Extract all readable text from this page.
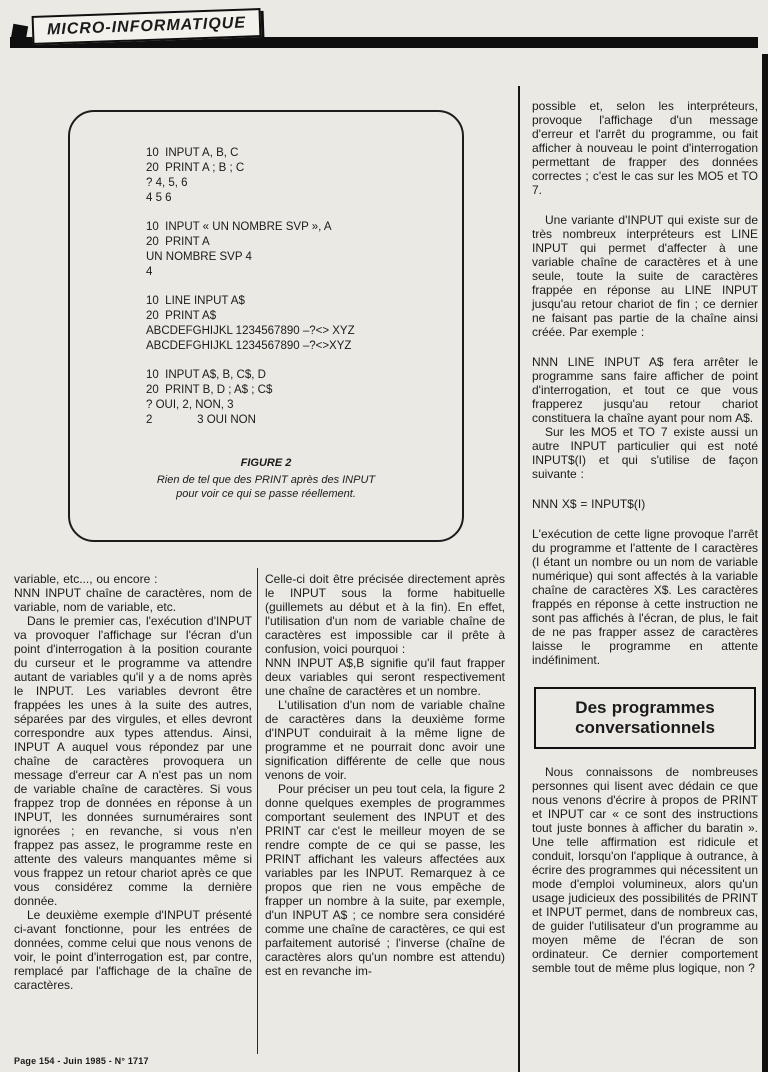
MICRO-INFORMATIQUE
10  INPUT A, B, C
20  PRINT A ; B ; C
? 4, 5, 6
4 5 6
10  INPUT « UN NOMBRE SVP », A
20  PRINT A
UN NOMBRE SVP 4
4
10  LINE INPUT A$
20  PRINT A$
ABCDEFGHIJKL 1234567890 –?<> XYZ
ABCDEFGHIJKL 1234567890 –?<>XYZ
10  INPUT A$, B, C$, D
20  PRINT B, D ; A$ ; C$
? OUI, 2, NON, 3
2              3 OUI NON
FIGURE 2
Rien de tel que des PRINT après des INPUT
pour voir ce qui se passe réellement.

variable, etc..., ou encore :

NNN INPUT chaîne de caractères, nom de variable, nom de variable, etc.

Dans le premier cas, l'exécution d'INPUT va provoquer l'affichage sur l'écran d'un point d'interrogation à la position courante du curseur et le programme va attendre autant de variables qu'il y a de noms après le INPUT. Les variables devront être frappées les unes à la suite des autres, séparées par des virgules, et elles devront correspondre aux types attendus. Ainsi, INPUT A auquel vous répondez par une chaîne de caractères provoquera un message d'erreur car A n'est pas un nom de variable chaîne de caractères. Si vous frappez trop de données en réponse à un INPUT, les données surnuméraires sont ignorées ; en revanche, si vous n'en frappez pas assez, le programme reste en attente des valeurs manquantes même si vous frappez un retour chariot après ce que vous considérez comme la dernière donnée.

Le deuxième exemple d'INPUT présenté ci-avant fonctionne, pour les entrées de données, comme celui que nous venons de voir, le point d'interrogation est, par contre, remplacé par l'affichage de la chaîne de caractères.

Celle-ci doit être précisée directement après le INPUT sous la forme habituelle (guillemets au début et à la fin). En effet, l'utilisation d'un nom de variable chaîne de caractères est impossible car il prête à confusion, voici pourquoi :

NNN INPUT A$,B signifie qu'il faut frapper deux variables qui seront respectivement une chaîne de caractères et un nombre.

L'utilisation d'un nom de variable chaîne de caractères dans la deuxième forme d'INPUT conduirait à la même ligne de programme et ne pourrait donc avoir une signification différente de celle que nous venons de voir.

Pour préciser un peu tout cela, la figure 2 donne quelques exemples de programmes comportant seulement des INPUT et des PRINT car c'est le meilleur moyen de se rendre compte de ce qui se passe, les PRINT affichant les valeurs affectées aux variables par les INPUT. Remarquez à ce propos que rien ne vous empêche de frapper un nombre à la suite, par exemple, d'un INPUT A$ ; ce nombre sera considéré comme une chaîne de caractères, ce qui est parfaitement autorisé ; l'inverse (chaîne de caractères alors qu'un nombre est attendu) est en revanche im-

possible et, selon les interpréteurs, provoque l'affichage d'un message d'erreur et l'arrêt du programme, ou fait afficher à nouveau le point d'interrogation permettant de frapper des données correctes ; c'est le cas sur les MO5 et TO 7.

Une variante d'INPUT qui existe sur de très nombreux interpréteurs est LINE INPUT qui permet d'affecter à une variable chaîne de caractères et à une seule, toute la suite de caractères frappée en réponse au LINE INPUT jusqu'au retour chariot de fin ; ce dernier ne faisant pas partie de la chaîne ainsi créée. Par exemple :

NNN LINE INPUT A$ fera arrêter le programme sans faire afficher de point d'interrogation, et tout ce que vous frapperez jusqu'au retour chariot constituera la chaîne ayant pour nom A$.

Sur les MO5 et TO 7 existe aussi un autre INPUT particulier qui est noté INPUT$(I) et qui s'utilise de façon suivante :

NNN X$ = INPUT$(I)

L'exécution de cette ligne provoque l'arrêt du programme et l'attente de I caractères (I étant un nombre ou un nom de variable numérique) qui sont affectés à la variable chaîne de caractères X$. Les caractères frappés en réponse à cette instruction ne sont pas affichés à l'écran, de plus, le fait de ne pas frapper assez de caractères laisse le programme en attente indéfiniment.

Des programmes conversationnels

Nous connaissons de nombreuses personnes qui lisent avec dédain ce que nous venons d'écrire à propos de PRINT et INPUT car « ce sont des instructions tout juste bonnes à afficher du baratin ». Une telle affirmation est ridicule et conduit, lorsqu'on l'applique à outrance, à écrire des programmes qui nécessitent un mode d'emploi volumineux, alors qu'un usage judicieux des possibilités de PRINT et INPUT permet, dans de nombreux cas, de guider l'utilisateur d'un programme au moyen même de l'écran de son ordinateur. Ce dernier comportement semble tout de même plus logique, non ?

Page 154 - Juin 1985 - N° 1717
